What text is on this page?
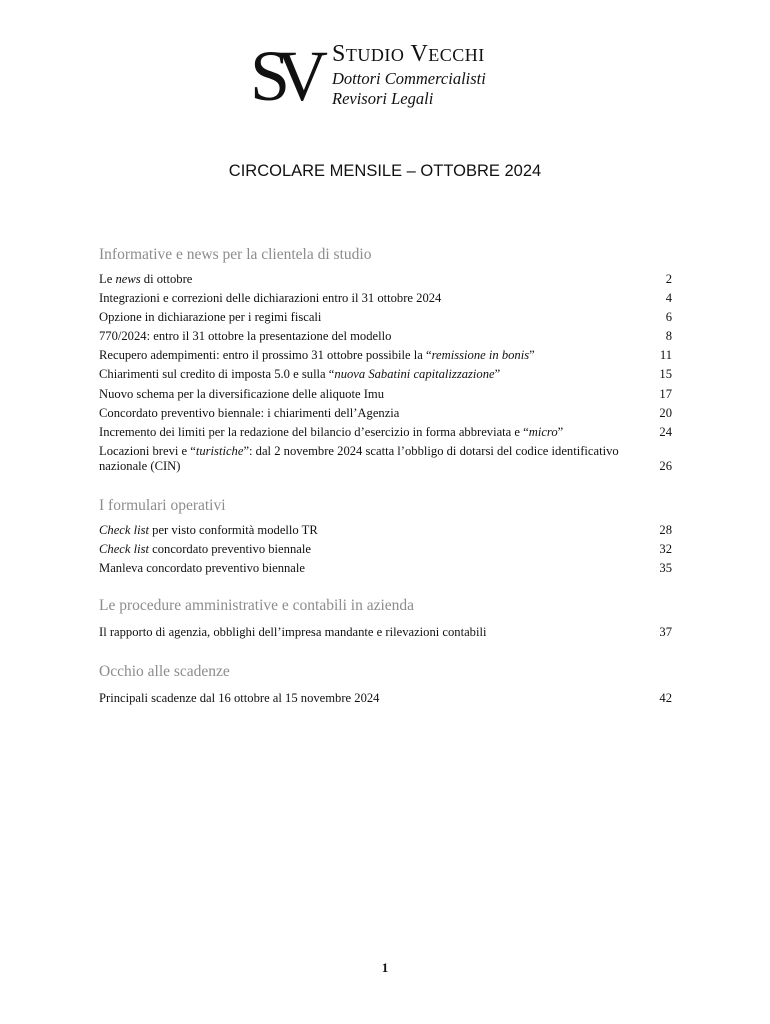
SV STUDIO VECCHI
Dottori Commercialisti
Revisori Legali
CIRCOLARE MENSILE – OTTOBRE 2024
Informative e news per la clientela di studio
Le news di ottobre	2
Integrazioni e correzioni delle dichiarazioni entro il 31 ottobre 2024	4
Opzione in dichiarazione per i regimi fiscali	6
770/2024: entro il 31 ottobre la presentazione del modello	8
Recupero adempimenti: entro il prossimo 31 ottobre possibile la “remissione in bonis”	11
Chiarimenti sul credito di imposta 5.0 e sulla “nuova Sabatini capitalizzazione”	15
Nuovo schema per la diversificazione delle aliquote Imu	17
Concordato preventivo biennale: i chiarimenti dell’Agenzia	20
Incremento dei limiti per la redazione del bilancio d’esercizio in forma abbreviata e “micro”	24
Locazioni brevi e “turistiche”: dal 2 novembre 2024 scatta l’obbligo di dotarsi del codice identificativo nazionale (CIN)	26
I formulari operativi
Check list per visto conformità modello TR	28
Check list concordato preventivo biennale	32
Manleva concordato preventivo biennale	35
Le procedure amministrative e contabili in azienda
Il rapporto di agenzia, obblighi dell’impresa mandante e rilevazioni contabili	37
Occhio alle scadenze
Principali scadenze dal 16 ottobre al 15 novembre 2024	42
1
